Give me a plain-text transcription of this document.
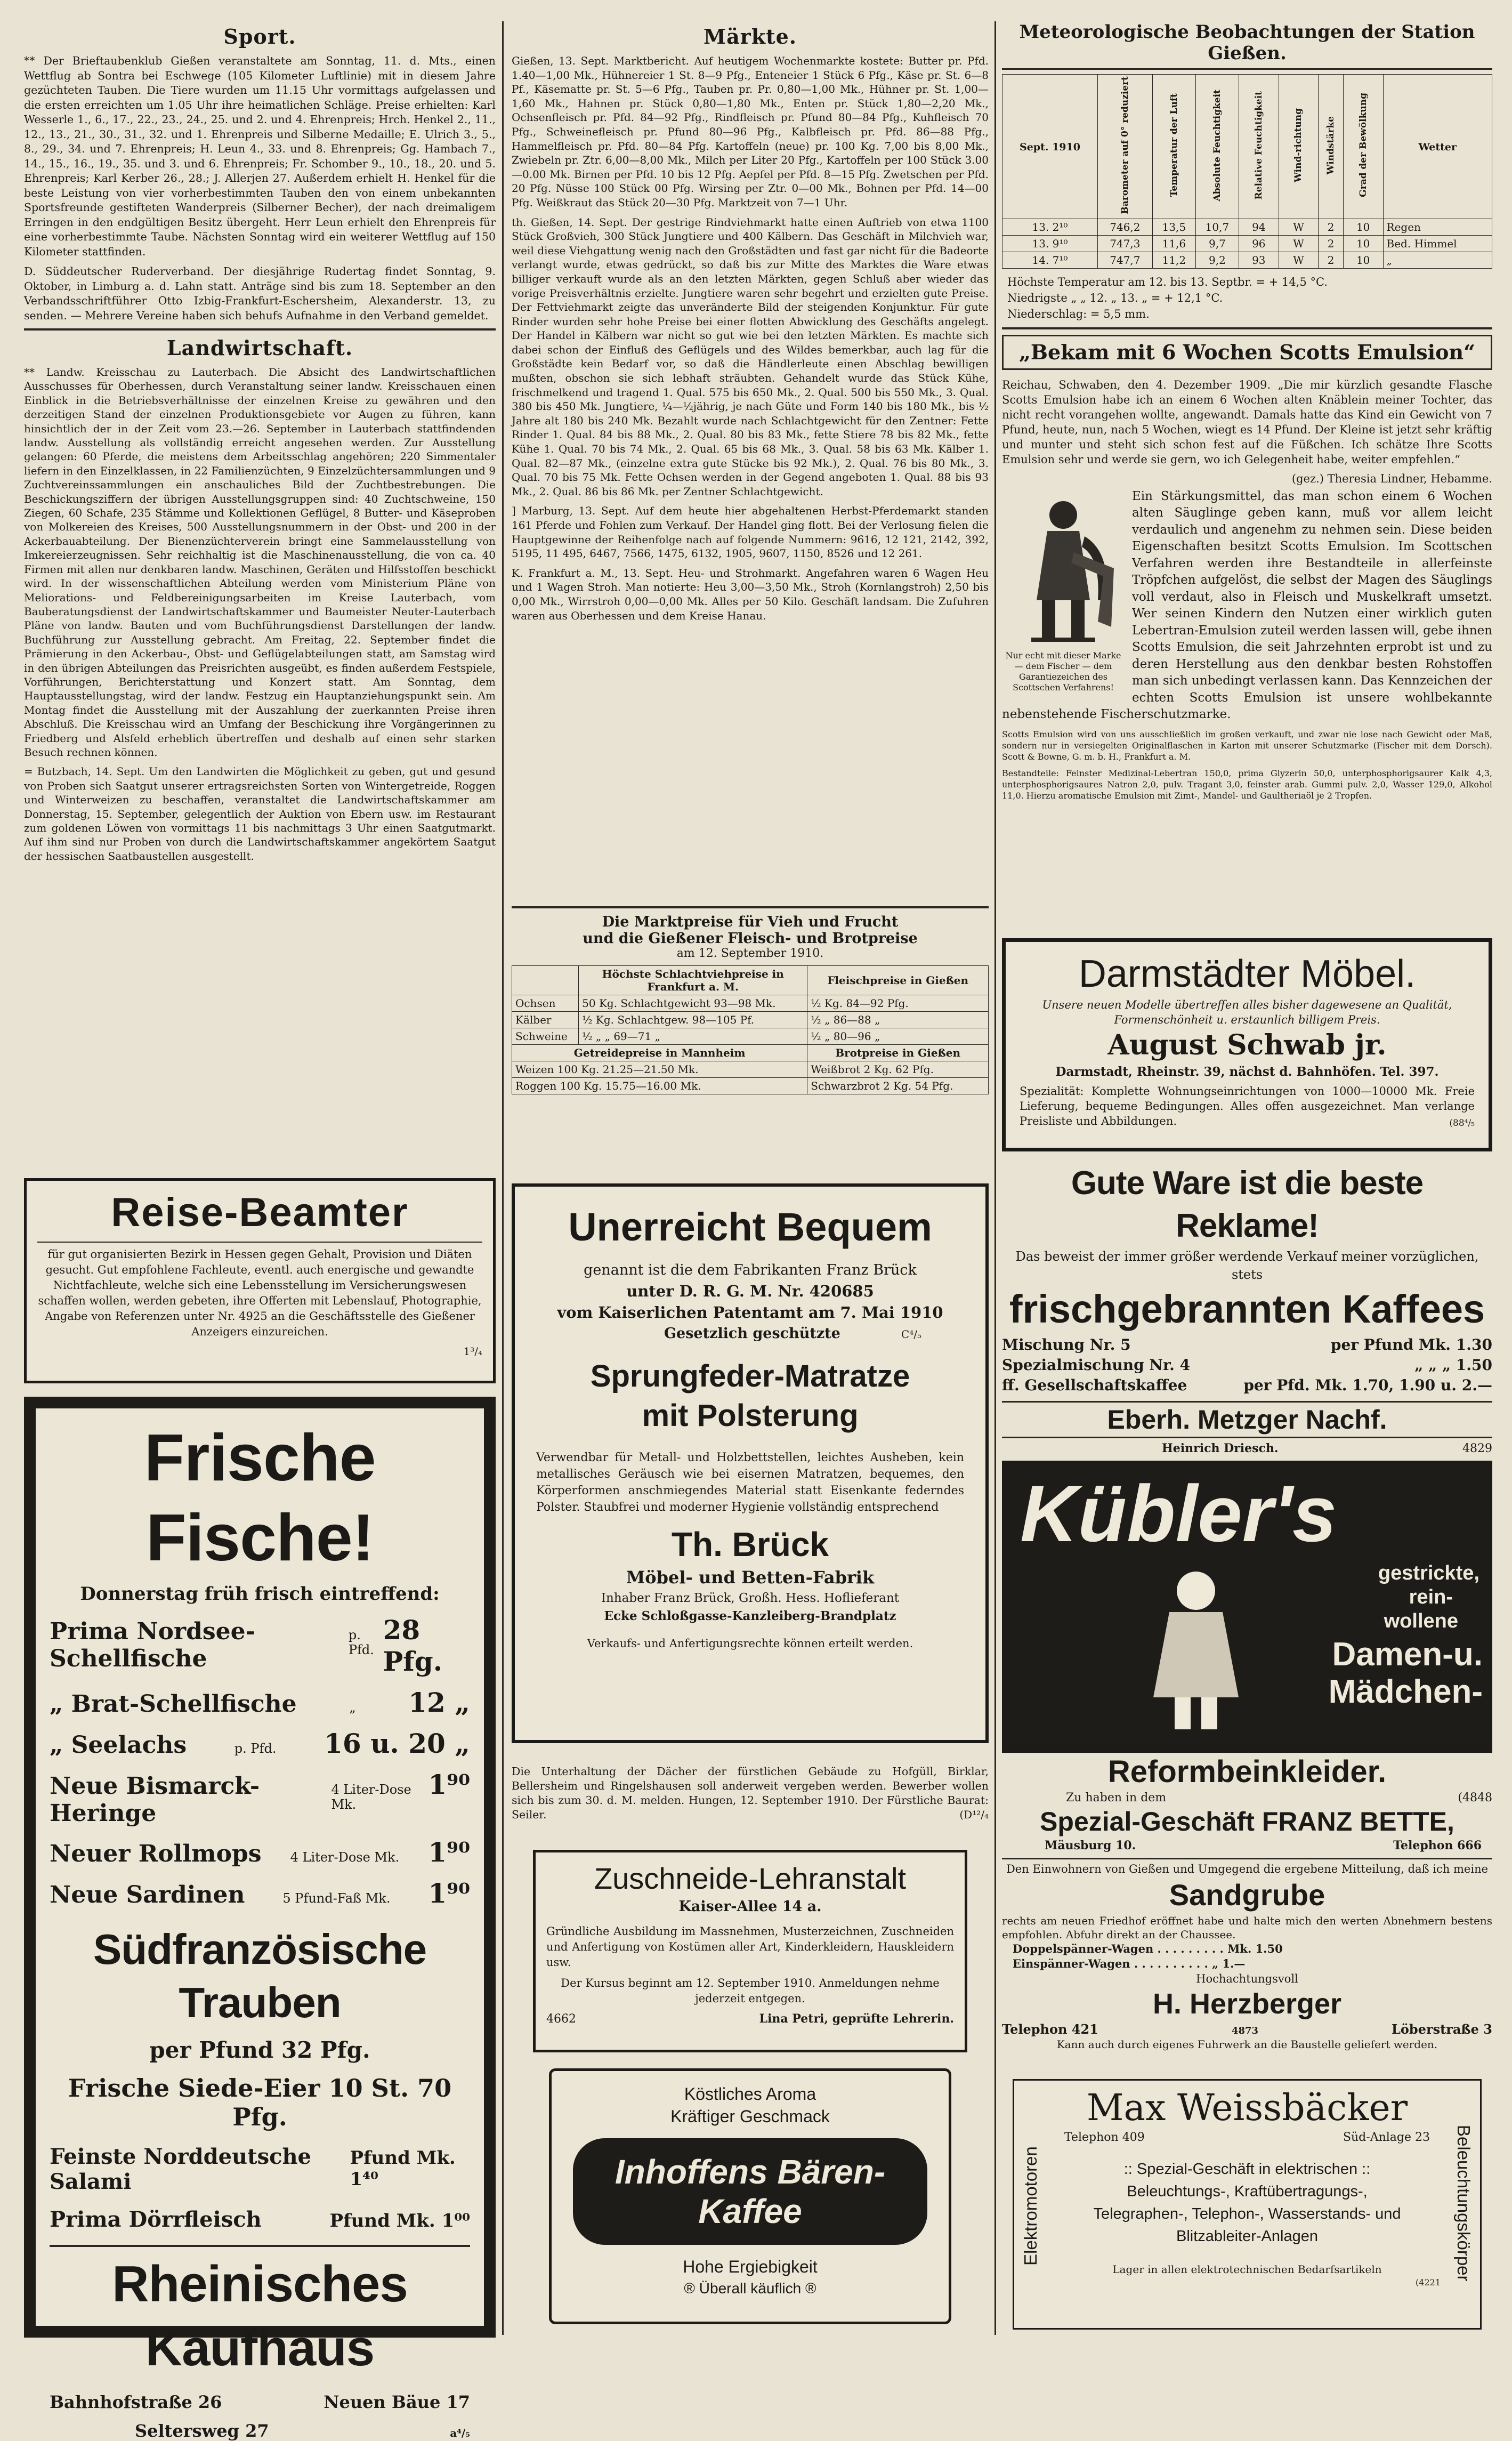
Sport.

** Der Brieftaubenklub Gießen veranstaltete am Sonntag, 11. d. Mts., einen Wettflug ab Sontra bei Eschwege (105 Kilometer Luftlinie) mit in diesem Jahre gezüchteten Tauben. Die Tiere wurden um 11.15 Uhr vormittags aufgelassen und die ersten erreichten um 1.05 Uhr ihre heimatlichen Schläge. Preise erhielten: Karl Wesserle 1., 6., 17., 22., 23., 24., 25. und 2. und 4. Ehrenpreis; Hrch. Henkel 2., 11., 12., 13., 21., 30., 31., 32. und 1. Ehrenpreis und Silberne Medaille; E. Ulrich 3., 5., 8., 29., 34. und 7. Ehrenpreis; H. Leun 4., 33. und 8. Ehrenpreis; Gg. Hambach 7., 14., 15., 16., 19., 35. und 3. und 6. Ehrenpreis; Fr. Schomber 9., 10., 18., 20. und 5. Ehrenpreis; Karl Kerber 26., 28.; J. Allerjen 27. Außerdem erhielt H. Henkel für die beste Leistung von vier vorherbestimmten Tauben den von einem unbekannten Sportsfreunde gestifteten Wanderpreis (Silberner Becher), der nach dreimaligem Erringen in den endgültigen Besitz übergeht. Herr Leun erhielt den Ehrenpreis für eine vorherbestimmte Taube. Nächsten Sonntag wird ein weiterer Wettflug auf 150 Kilometer stattfinden.

D. Süddeutscher Ruderverband. Der diesjährige Rudertag findet Sonntag, 9. Oktober, in Limburg a. d. Lahn statt. Anträge sind bis zum 18. September an den Verbandsschriftführer Otto Izbig-Frankfurt-Eschersheim, Alexanderstr. 13, zu senden. — Mehrere Vereine haben sich behufs Aufnahme in den Verband gemeldet.

Landwirtschaft.

** Landw. Kreisschau zu Lauterbach. Die Absicht des Landwirtschaftlichen Ausschusses für Oberhessen, durch Veranstaltung seiner landw. Kreisschauen einen Einblick in die Betriebsverhältnisse der einzelnen Kreise zu gewähren und den derzeitigen Stand der einzelnen Produktionsgebiete vor Augen zu führen, kann hinsichtlich der in der Zeit vom 23.—26. September in Lauterbach stattfindenden landw. Ausstellung als vollständig erreicht angesehen werden. Zur Ausstellung gelangen: 60 Pferde, die meistens dem Arbeitsschlag angehören; 220 Simmentaler liefern in den Einzelklassen, in 22 Familienzüchten, 9 Einzelzüchtersammlungen und 9 Zuchtvereinssammlungen ein anschauliches Bild der Zuchtbestrebungen. Die Beschickungsziffern der übrigen Ausstellungsgruppen sind: 40 Zuchtschweine, 150 Ziegen, 60 Schafe, 235 Stämme und Kollektionen Geflügel, 8 Butter- und Käseproben von Molkereien des Kreises, 500 Ausstellungsnummern in der Obst- und 200 in der Ackerbauabteilung. Der Bienenzüchterverein bringt eine Sammelausstellung von Imkereierzeugnissen. Sehr reichhaltig ist die Maschinenausstellung, die von ca. 40 Firmen mit allen nur denkbaren landw. Maschinen, Geräten und Hilfsstoffen beschickt wird. In der wissenschaftlichen Abteilung werden vom Ministerium Pläne von Meliorations- und Feldbereinigungsarbeiten im Kreise Lauterbach, vom Bauberatungsdienst der Landwirtschaftskammer und Baumeister Neuter-Lauterbach Pläne von landw. Bauten und vom Buchführungsdienst Darstellungen der landw. Buchführung zur Ausstellung gebracht. Am Freitag, 22. September findet die Prämierung in den Ackerbau-, Obst- und Geflügelabteilungen statt, am Samstag wird in den übrigen Abteilungen das Preisrichten ausgeübt, es finden außerdem Festspiele, Vorführungen, Berichterstattung und Konzert statt. Am Sonntag, dem Hauptausstellungstag, wird der landw. Festzug ein Hauptanziehungspunkt sein. Am Montag findet die Ausstellung mit der Auszahlung der zuerkannten Preise ihren Abschluß. Die Kreisschau wird an Umfang der Beschickung ihre Vorgängerinnen zu Friedberg und Alsfeld erheblich übertreffen und deshalb auf einen sehr starken Besuch rechnen können.

= Butzbach, 14. Sept. Um den Landwirten die Möglichkeit zu geben, gut und gesund von Proben sich Saatgut unserer ertragsreichsten Sorten von Wintergetreide, Roggen und Winterweizen zu beschaffen, veranstaltet die Landwirtschaftskammer am Donnerstag, 15. September, gelegentlich der Auktion von Ebern usw. im Restaurant zum goldenen Löwen von vormittags 11 bis nachmittags 3 Uhr einen Saatgutmarkt. Auf ihm sind nur Proben von durch die Landwirtschaftskammer angekörtem Saatgut der hessischen Saatbaustellen ausgestellt.

Reise-Beamter

für gut organisierten Bezirk in Hessen gegen Gehalt, Provision und Diäten gesucht. Gut empfohlene Fachleute, eventl. auch energische und gewandte Nichtfachleute, welche sich eine Lebensstellung im Versicherungswesen schaffen wollen, werden gebeten, ihre Offerten mit Lebenslauf, Photographie, Angabe von Referenzen unter Nr. 4925 an die Geschäftsstelle des Gießener Anzeigers einzureichen.

1³/₄
Frische Fische!
Donnerstag früh frisch eintreffend:
Prima Nordsee-Schellfische
p. Pfd.
28 Pfg.
„ Brat-Schellfische	„ 12 „
„ Seelachs	p. Pfd. 16 u. 20 „
Neue Bismarck-Heringe
4 Liter-Dose Mk.
1⁹⁰
Neuer Rollmops 4 Liter-Dose Mk. 1⁹⁰
Neue Sardinen	5 Pfund-Faß Mk. 1⁹⁰
Südfranzösische Trauben
per Pfund 32 Pfg.
Frische Siede-Eier 10 St. 70 Pfg.
Feinste Norddeutsche Salami
Pfund Mk. 1⁴⁰
Prima Dörrfleisch	Pfund Mk. 1⁰⁰
Rheinisches Kaufhaus
Bahnhofstraße 26	Neuen Bäue 17
Seltersweg 27	a⁴/₅
Märkte.

Gießen, 13. Sept. Marktbericht. Auf heutigem Wochenmarkte kostete: Butter pr. Pfd. 1.40—1,00 Mk., Hühnereier 1 St. 8—9 Pfg., Enteneier 1 Stück 6 Pfg., Käse pr. St. 6—8 Pf., Käsematte pr. St. 5—6 Pfg., Tauben pr. Pr. 0,80—1,00 Mk., Hühner pr. St. 1,00—1,60 Mk., Hahnen pr. Stück 0,80—1,80 Mk., Enten pr. Stück 1,80—2,20 Mk., Ochsenfleisch pr. Pfd. 84—92 Pfg., Rindfleisch pr. Pfund 80—84 Pfg., Kuhfleisch 70 Pfg., Schweinefleisch pr. Pfund 80—96 Pfg., Kalbfleisch pr. Pfd. 86—88 Pfg., Hammelfleisch pr. Pfd. 80—84 Pfg. Kartoffeln (neue) pr. 100 Kg. 7,00 bis 8,00 Mk., Zwiebeln pr. Ztr. 6,00—8,00 Mk., Milch per Liter 20 Pfg., Kartoffeln per 100 Stück 3.00—0.00 Mk. Birnen per Pfd. 10 bis 12 Pfg. Aepfel per Pfd. 8—15 Pfg. Zwetschen per Pfd. 20 Pfg. Nüsse 100 Stück 00 Pfg. Wirsing per Ztr. 0—00 Mk., Bohnen per Pfd. 14—00 Pfg. Weißkraut das Stück 20—30 Pfg. Marktzeit von 7—1 Uhr.

th. Gießen, 14. Sept. Der gestrige Rindviehmarkt hatte einen Auftrieb von etwa 1100 Stück Großvieh, 300 Stück Jungtiere und 400 Kälbern. Das Geschäft in Milchvieh war, weil diese Viehgattung wenig nach den Großstädten und fast gar nicht für die Badeorte verlangt wurde, etwas gedrückt, so daß bis zur Mitte des Marktes die Ware etwas billiger verkauft wurde als an den letzten Märkten, gegen Schluß aber wieder das vorige Preisverhältnis erzielte. Jungtiere waren sehr begehrt und erzielten gute Preise. Der Fettviehmarkt zeigte das unveränderte Bild der steigenden Konjunktur. Für gute Rinder wurden sehr hohe Preise bei einer flotten Abwicklung des Geschäfts angelegt. Der Handel in Kälbern war nicht so gut wie bei den letzten Märkten. Es machte sich dabei schon der Einfluß des Geflügels und des Wildes bemerkbar, auch lag für die Großstädte kein Bedarf vor, so daß die Händlerleute einen Abschlag bewilligen mußten, obschon sie sich lebhaft sträubten. Gehandelt wurde das Stück Kühe, frischmelkend und tragend 1. Qual. 575 bis 650 Mk., 2. Qual. 500 bis 550 Mk., 3. Qual. 380 bis 450 Mk. Jungtiere, ¼—½jährig, je nach Güte und Form 140 bis 180 Mk., bis ½ Jahre alt 180 bis 240 Mk. Bezahlt wurde nach Schlachtgewicht für den Zentner: Fette Rinder 1. Qual. 84 bis 88 Mk., 2. Qual. 80 bis 83 Mk., fette Stiere 78 bis 82 Mk., fette Kühe 1. Qual. 70 bis 74 Mk., 2. Qual. 65 bis 68 Mk., 3. Qual. 58 bis 63 Mk. Kälber 1. Qual. 82—87 Mk., (einzelne extra gute Stücke bis 92 Mk.), 2. Qual. 76 bis 80 Mk., 3. Qual. 70 bis 75 Mk. Fette Ochsen werden in der Gegend angeboten 1. Qual. 88 bis 93 Mk., 2. Qual. 86 bis 86 Mk. per Zentner Schlachtgewicht.

] Marburg, 13. Sept. Auf dem heute hier abgehaltenen Herbst-Pferdemarkt standen 161 Pferde und Fohlen zum Verkauf. Der Handel ging flott. Bei der Verlosung fielen die Hauptgewinne der Reihenfolge nach auf folgende Nummern: 9616, 12 121, 2142, 392, 5195, 11 495, 6467, 7566, 1475, 6132, 1905, 9607, 1150, 8526 und 12 261.

K. Frankfurt a. M., 13. Sept. Heu- und Strohmarkt. Angefahren waren 6 Wagen Heu und 1 Wagen Stroh. Man notierte: Heu 3,00—3,50 Mk., Stroh (Kornlangstroh) 2,50 bis 0,00 Mk., Wirrstroh 0,00—0,00 Mk. Alles per 50 Kilo. Geschäft landsam. Die Zufuhren waren aus Oberhessen und dem Kreise Hanau.

Die Marktpreise für Vieh und Frucht
und die Gießener Fleisch- und Brotpreise
am 12. September 1910.
	Höchste Schlachtviehpreise in Frankfurt a. M.	Fleischpreise in Gießen
Ochsen	50 Kg. Schlachtgewicht 93—98 Mk.	½ Kg. 84—92 Pfg.
Kälber	½ Kg. Schlachtgew. 98—105 Pf.	½ „ 86—88 „
Schweine	½ „ „ 69—71 „	½ „ 80—96 „
Getreidepreise in Mannheim		Brotpreise in Gießen
Weizen 100 Kg. 21.25—21.50 Mk.		Weißbrot 2 Kg. 62 Pfg.
Roggen 100 Kg. 15.75—16.00 Mk.		Schwarzbrot 2 Kg. 54 Pfg.
Unerreicht Bequem
genannt ist die dem Fabrikanten Franz Brück
unter D. R. G. M. Nr. 420685
vom Kaiserlichen Patentamt am 7. Mai 1910
Gesetzlich geschützte	C⁴/₅
Sprungfeder-Matratze
mit Polsterung

Verwendbar für Metall- und Holzbettstellen, leichtes Ausheben, kein metallisches Geräusch wie bei eisernen Matratzen, bequemes, den Körperformen anschmiegendes Material statt Eisenkante federndes Polster. Staubfrei und moderner Hygienie vollständig entsprechend

Th. Brück
Möbel- und Betten-Fabrik
Inhaber Franz Brück, Großh. Hess. Hoflieferant
Ecke Schloßgasse-Kanzleiberg-Brandplatz
Verkaufs- und Anfertigungsrechte können erteilt werden.

Die Unterhaltung der Dächer der fürstlichen Gebäude zu Hofgüll, Birklar, Bellersheim und Ringelshausen soll anderweit vergeben werden. Bewerber wollen sich bis zum 30. d. M. melden. Hungen, 12. September 1910. Der Fürstliche Baurat: Seiler.	(D¹²/₄
Zuschneide-Lehranstalt
Kaiser-Allee 14 a.

Gründliche Ausbildung im Massnehmen, Musterzeichnen, Zuschneiden und Anfertigung von Kostümen aller Art, Kinderkleidern, Hauskleidern usw.

Der Kursus beginnt am 12. September 1910. Anmeldungen nehme jederzeit entgegen.

4662	Lina Petri, geprüfte Lehrerin.
Köstliches Aroma
Kräftiger Geschmack
Inhoffens Bären-Kaffee
Hohe Ergiebigkeit
® Überall käuflich ®
Meteorologische Beobachtungen der Station Gießen.
Sept. 1910	Barometer auf 0° reduziert	Temperatur der Luft	Absolute Feuchtigkeit	Relative Feuchtigkeit	Wind-richtung	Windstärke	Grad der Bewölkung	Wetter
13. 2¹⁰	746,2	13,5	10,7	94	W	2	10	Regen
13. 9¹⁰	747,3	11,6	9,7	96	W	2	10	Bed. Himmel
14. 7¹⁰	747,7	11,2	9,2	93	W	2	10	„
Höchste Temperatur am 12. bis 13. Septbr. = + 14,5 °C.
Niedrigste „ „ 12. „ 13. „ = + 12,1 °C.
Niederschlag: = 5,5 mm.
„Bekam mit 6 Wochen Scotts Emulsion“

Reichau, Schwaben, den 4. Dezember 1909. „Die mir kürzlich gesandte Flasche Scotts Emulsion habe ich an einem 6 Wochen alten Knäblein meiner Tochter, das nicht recht vorangehen wollte, angewandt. Damals hatte das Kind ein Gewicht von 7 Pfund, heute, nun, nach 5 Wochen, wiegt es 14 Pfund. Der Kleine ist jetzt sehr kräftig und munter und steht sich schon fest auf die Füßchen. Ich schätze Ihre Scotts Emulsion sehr und werde sie gern, wo ich Gelegenheit habe, weiter empfehlen.“

(gez.) Theresia Lindner, Hebamme.
Nur echt mit dieser Marke — dem Fischer — dem Garantiezeichen des Scottschen Verfahrens!

Ein Stärkungsmittel, das man schon einem 6 Wochen alten Säuglinge geben kann, muß vor allem leicht verdaulich und angenehm zu nehmen sein. Diese beiden Eigenschaften besitzt Scotts Emulsion. Im Scottschen Verfahren werden ihre Bestandteile in allerfeinste Tröpfchen aufgelöst, die selbst der Magen des Säuglings voll verdaut, also in Fleisch und Muskelkraft umsetzt. Wer seinen Kindern den Nutzen einer wirklich guten Lebertran-Emulsion zuteil werden lassen will, gebe ihnen Scotts Emulsion, die seit Jahrzehnten erprobt ist und zu deren Herstellung aus den denkbar besten Rohstoffen man sich unbedingt verlassen kann. Das Kennzeichen der echten Scotts Emulsion ist unsere wohlbekannte nebenstehende Fischerschutzmarke.

Scotts Emulsion wird von uns ausschließlich im großen verkauft, und zwar nie lose nach Gewicht oder Maß, sondern nur in versiegelten Originalflaschen in Karton mit unserer Schutzmarke (Fischer mit dem Dorsch). Scott & Bowne, G. m. b. H., Frankfurt a. M.

Bestandteile: Feinster Medizinal-Lebertran 150,0, prima Glyzerin 50,0, unterphosphorigsaurer Kalk 4,3, unterphosphorigsaures Natron 2,0, pulv. Tragant 3,0, feinster arab. Gummi pulv. 2,0, Wasser 129,0, Alkohol 11,0. Hierzu aromatische Emulsion mit Zimt-, Mandel- und Gaultheriaöl je 2 Tropfen.

Darmstädter Möbel.
Unsere neuen Modelle übertreffen alles bisher dagewesene an Qualität, Formenschönheit u. erstaunlich billigem Preis.
August Schwab jr.
Darmstadt, Rheinstr. 39, nächst d. Bahnhöfen. Tel. 397.

Spezialität: Komplette Wohnungseinrichtungen von 1000—10000 Mk. Freie Lieferung, bequeme Bedingungen. Alles offen ausgezeichnet. Man verlange Preisliste und Abbildungen.	(88⁴/₅
Gute Ware ist die beste Reklame!
Das beweist der immer größer werdende Verkauf meiner vorzüglichen, stets
frischgebrannten Kaffees
Mischung Nr. 5	per Pfund Mk. 1.30
Spezialmischung Nr. 4	„ „ „ 1.50
ff. Gesellschaftskaffee	per Pfd. Mk. 1.70, 1.90 u. 2.—
Eberh. Metzger Nachf.
Heinrich Driesch.	4829
Kübler's
gestrickte,
rein-
wollene
Damen-u.
Mädchen-
Reformbeinkleider.
Zu haben in dem	(4848
Spezial-Geschäft FRANZ BETTE,
Mäusburg 10.	Telephon 666

Den Einwohnern von Gießen und Umgegend die ergebene Mitteilung, daß ich meine

Sandgrube

rechts am neuen Friedhof eröffnet habe und halte mich den werten Abnehmern bestens empfohlen. Abfuhr direkt an der Chaussee.

Doppelspänner-Wagen . . . . . . . . . Mk. 1.50
Einspänner-Wagen . . . . . . . . . . „ 1.—
Hochachtungsvoll
H. Herzberger
Telephon 421	4873	Löberstraße 3
Kann auch durch eigenes Fuhrwerk an die Baustelle geliefert werden.
Elektromotoren	Beleuchtungskörper
Max Weissbäcker
Telephon 409	Süd-Anlage 23
:: Spezial-Geschäft in elektrischen ::
Beleuchtungs-, Kraftübertragungs-,
Telegraphen-, Telephon-, Wasserstands- und Blitzableiter-Anlagen
Lager in allen elektrotechnischen Bedarfsartikeln
(4221
